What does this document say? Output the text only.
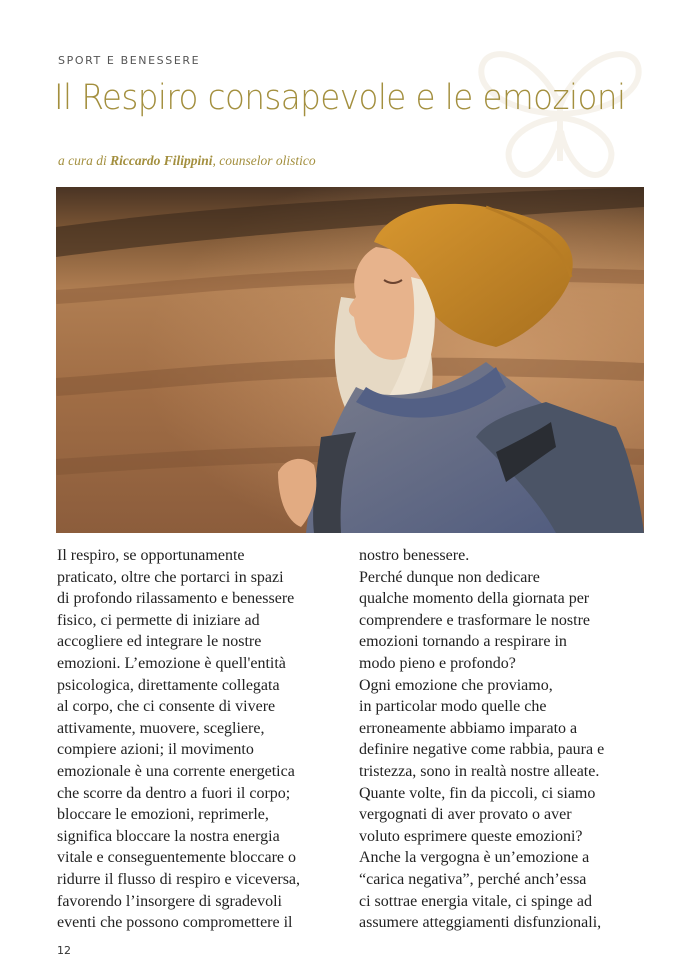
SPORT E BENESSERE
Il Respiro consapevole e le emozioni
a cura di Riccardo Filippini, counselor olistico
Il respiro, se opportunamente
praticato, oltre che portarci in spazi
di profondo rilassamento e benessere
fisico, ci permette di iniziare ad
accogliere ed integrare le nostre
emozioni. L’emozione è quell'entità
psicologica, direttamente collegata
al corpo, che ci consente di vivere
attivamente, muovere, scegliere,
compiere azioni; il movimento
emozionale è una corrente energetica
che scorre da dentro a fuori il corpo;
bloccare le emozioni, reprimerle,
significa bloccare la nostra energia
vitale e conseguentemente bloccare o
ridurre il flusso di respiro e viceversa,
favorendo l’insorgere di sgradevoli
eventi che possono compromettere il
nostro benessere.
Perché dunque non dedicare
qualche momento della giornata per
comprendere e trasformare le nostre
emozioni tornando a respirare in
modo pieno e profondo?
Ogni emozione che proviamo,
in particolar modo quelle che
erroneamente abbiamo imparato a
definire negative come rabbia, paura e
tristezza, sono in realtà nostre alleate.
Quante volte, fin da piccoli, ci siamo
vergognati di aver provato o aver
voluto esprimere queste emozioni?
Anche la vergogna è un’emozione a
“carica negativa”, perché anch’essa
ci sottrae energia vitale, ci spinge ad
assumere atteggiamenti disfunzionali,
12
